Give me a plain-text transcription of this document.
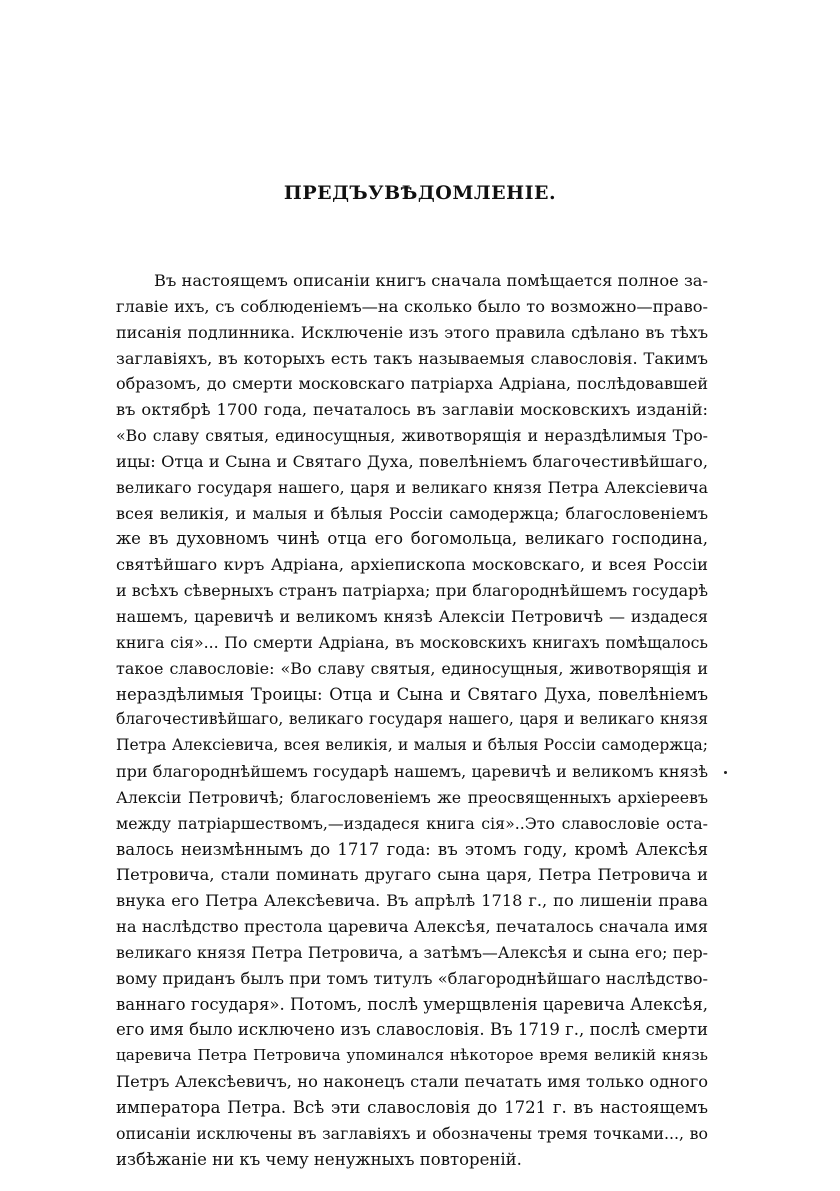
ПРЕДЪУВѢДОМЛЕНІЕ.
Въ настоящемъ описаніи книгъ сначала помѣщается полное за-
главіе ихъ, съ соблюденіемъ—на сколько было то возможно—право-
писанія подлинника. Исключеніе изъ этого правила сдѣлано въ тѣхъ
заглавіяхъ, въ которыхъ есть такъ называемыя славословія. Такимъ
образомъ, до смерти московскаго патріарха Адріана, послѣдовавшей
въ октябрѣ 1700 года, печаталось въ заглавіи московскихъ изданій:
«Во славу святыя, единосущныя, животворящія и нераздѣлимыя Тро-
ицы: Отца и Сына и Святаго Духа, повелѣніемъ благочестивѣйшаго,
великаго государя нашего, царя и великаго князя Петра Алексіевича
всея великія, и малыя и бѣлыя Россіи самодержца; благословеніемъ
же въ духовномъ чинѣ отца его богомольца, великаго господина,
святѣйшаго кνръ Адріана, архіепископа московскаго, и всея Россіи
и всѣхъ сѣверныхъ странъ патріарха; при благороднѣйшемъ государѣ
нашемъ, царевичѣ и великомъ князѣ Алексіи Петровичѣ — издадеся
книга сія»... По смерти Адріана, въ московскихъ книгахъ помѣщалось
такое славословіе: «Во славу святыя, единосущныя, животворящія и
нераздѣлимыя Троицы: Отца и Сына и Святаго Духа, повелѣніемъ
благочестивѣйшаго, великаго государя нашего, царя и великаго князя
Петра Алексіевича, всея великія, и малыя и бѣлыя Россіи самодержца;
при благороднѣйшемъ государѣ нашемъ, царевичѣ и великомъ князѣ
Алексіи Петровичѣ; благословеніемъ же преосвященныхъ архіереевъ
между патріаршествомъ,—издадеся книга сія»..Это славословіе оста-
валось неизмѣннымъ до 1717 года: въ этомъ году, кромѣ Алексѣя
Петровича, стали поминать другаго сына царя, Петра Петровича и
внука его Петра Алексѣевича. Въ апрѣлѣ 1718 г., по лишеніи права
на наслѣдство престола царевича Алексѣя, печаталось сначала имя
великаго князя Петра Петровича, а затѣмъ—Алексѣя и сына его; пер-
вому приданъ былъ при томъ титулъ «благороднѣйшаго наслѣдство-
ваннаго государя». Потомъ, послѣ умерщвленія царевича Алексѣя,
его имя было исключено изъ славословія. Въ 1719 г., послѣ смерти
царевича Петра Петровича упоминался нѣкоторое время великій князь
Петръ Алексѣевичъ, но наконецъ стали печатать имя только одного
императора Петра. Всѣ эти славословія до 1721 г. въ настоящемъ
описаніи исключены въ заглавіяхъ и обозначены тремя точками..., во
избѣжаніе ни къ чему ненужныхъ повтореній.
